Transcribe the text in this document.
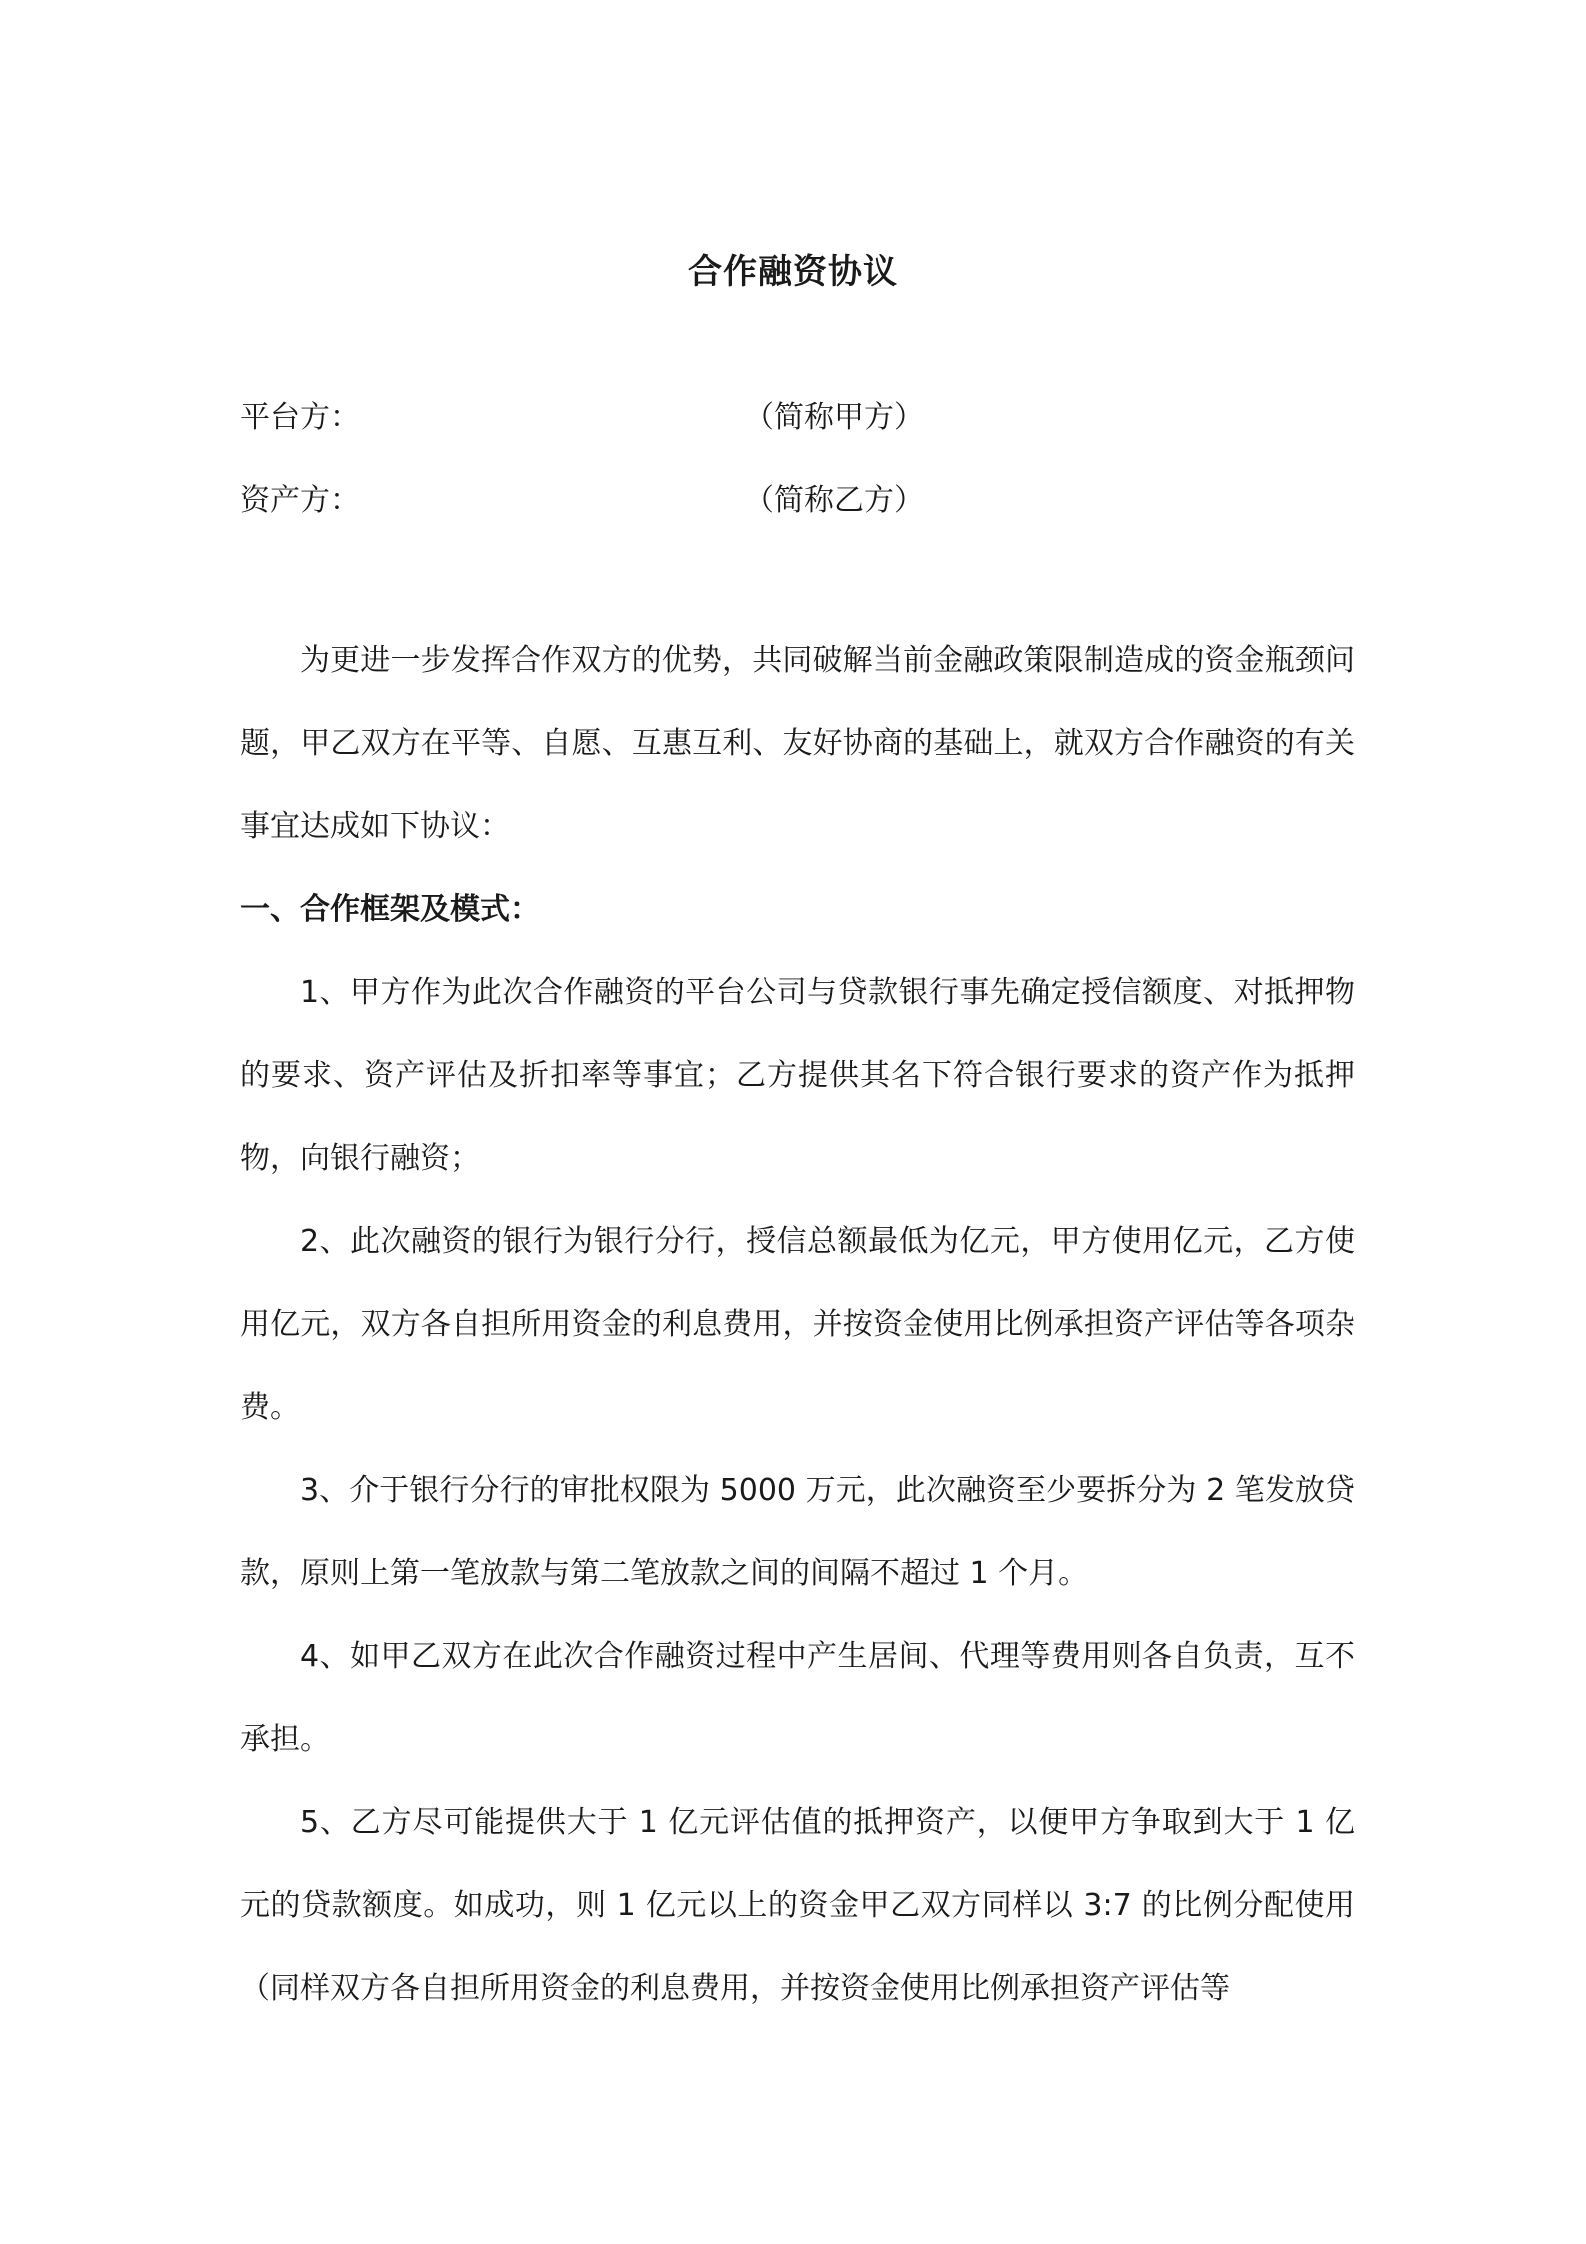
合作融资协议
平台方：	（简称甲方）
资产方：	（简称乙方）

为更进一步发挥合作双方的优势，共同破解当前金融政策限制造成的资金瓶颈问题，甲乙双方在平等、自愿、互惠互利、友好协商的基础上，就双方合作融资的有关事宜达成如下协议：

一、合作框架及模式：

1、甲方作为此次合作融资的平台公司与贷款银行事先确定授信额度、对抵押物的要求、资产评估及折扣率等事宜；乙方提供其名下符合银行要求的资产作为抵押物，向银行融资；

2、此次融资的银行为银行分行，授信总额最低为亿元，甲方使用亿元，乙方使用亿元，双方各自担所用资金的利息费用，并按资金使用比例承担资产评估等各项杂费。

3、介于银行分行的审批权限为 5000 万元，此次融资至少要拆分为 2 笔发放贷款，原则上第一笔放款与第二笔放款之间的间隔不超过 1 个月。

4、如甲乙双方在此次合作融资过程中产生居间、代理等费用则各自负责，互不承担。

5、乙方尽可能提供大于 1 亿元评估值的抵押资产，以便甲方争取到大于 1 亿元的贷款额度。如成功，则 1 亿元以上的资金甲乙双方同样以 3:7 的比例分配使用（同样双方各自担所用资金的利息费用，并按资金使用比例承担资产评估等
